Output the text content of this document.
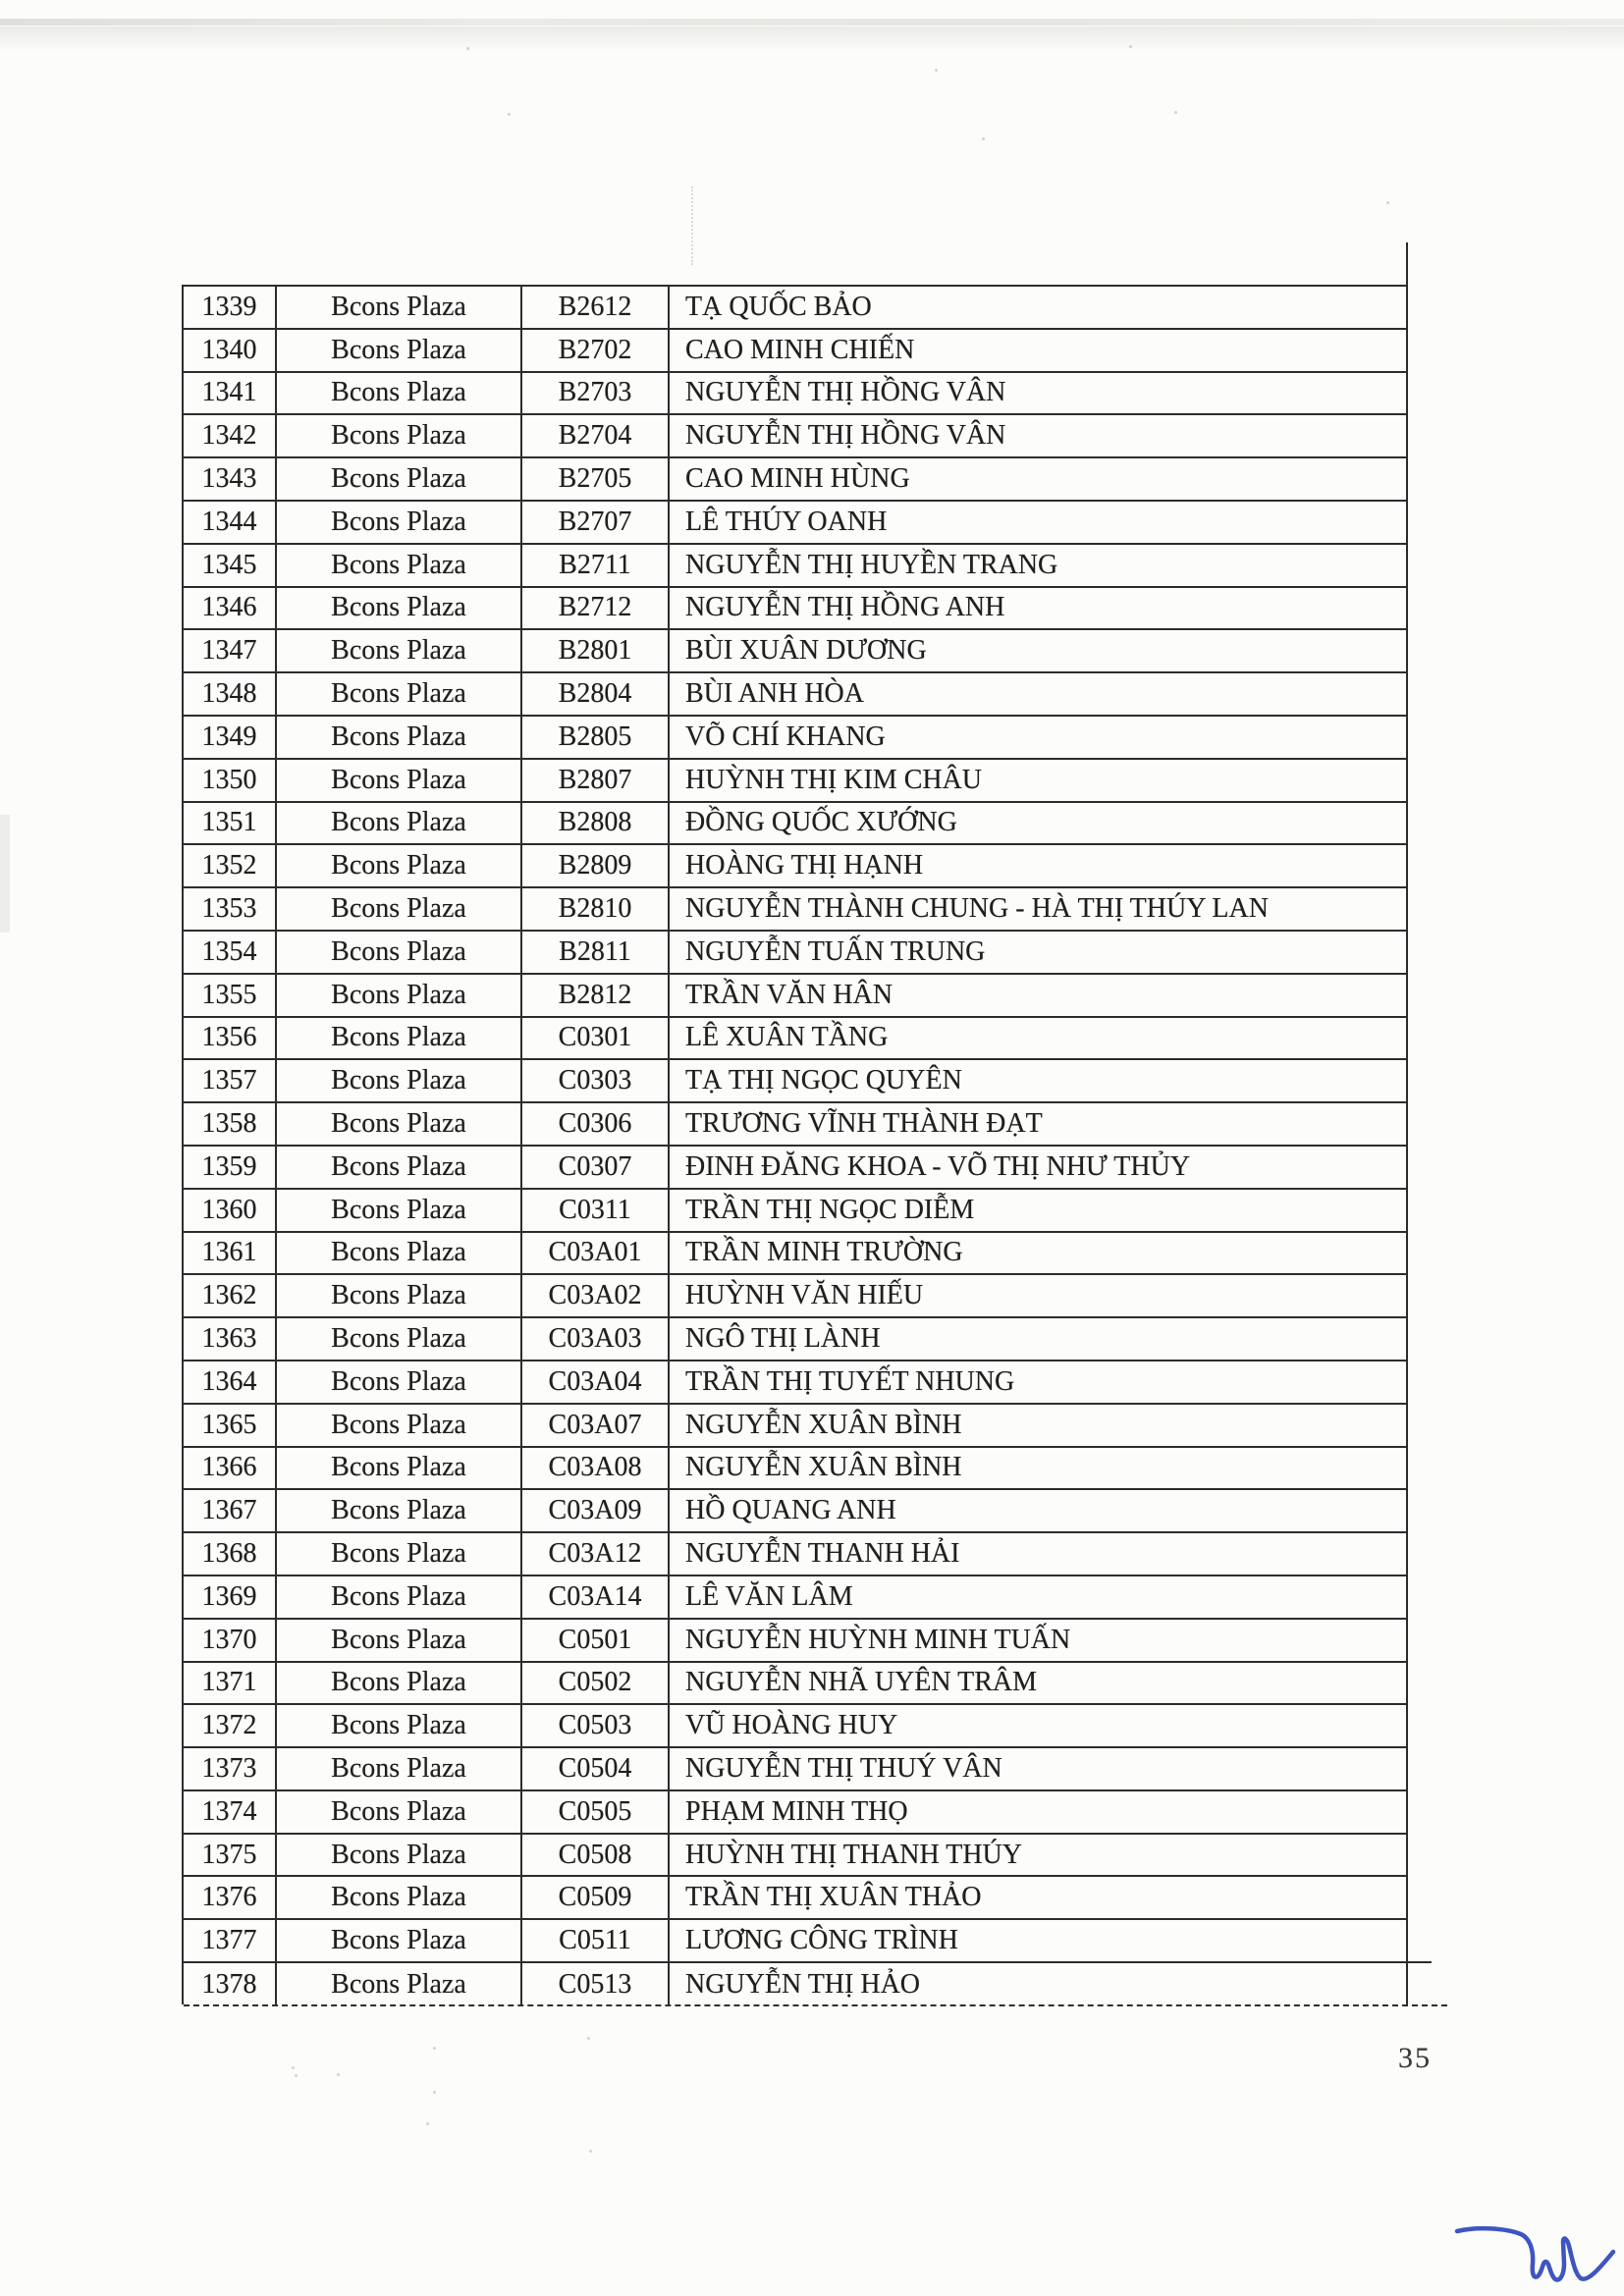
1339	Bcons Plaza	B2612	TẠ QUỐC BẢO
1340	Bcons Plaza	B2702	CAO MINH CHIẾN
1341	Bcons Plaza	B2703	NGUYỄN THỊ HỒNG VÂN
1342	Bcons Plaza	B2704	NGUYỄN THỊ HỒNG VÂN
1343	Bcons Plaza	B2705	CAO MINH HÙNG
1344	Bcons Plaza	B2707	LÊ THÚY OANH
1345	Bcons Plaza	B2711	NGUYỄN THỊ HUYỀN TRANG
1346	Bcons Plaza	B2712	NGUYỄN THỊ HỒNG ANH
1347	Bcons Plaza	B2801	BÙI XUÂN DƯƠNG
1348	Bcons Plaza	B2804	BÙI ANH HÒA
1349	Bcons Plaza	B2805	VÕ CHÍ KHANG
1350	Bcons Plaza	B2807	HUỲNH THỊ KIM CHÂU
1351	Bcons Plaza	B2808	ĐỒNG QUỐC XƯỚNG
1352	Bcons Plaza	B2809	HOÀNG THỊ HẠNH
1353	Bcons Plaza	B2810	NGUYỄN THÀNH CHUNG - HÀ THỊ THÚY LAN
1354	Bcons Plaza	B2811	NGUYỄN TUẤN TRUNG
1355	Bcons Plaza	B2812	TRẦN VĂN HÂN
1356	Bcons Plaza	C0301	LÊ XUÂN TẦNG
1357	Bcons Plaza	C0303	TẠ THỊ NGỌC QUYÊN
1358	Bcons Plaza	C0306	TRƯƠNG VĨNH THÀNH ĐẠT
1359	Bcons Plaza	C0307	ĐINH ĐĂNG KHOA - VÕ THỊ NHƯ THỦY
1360	Bcons Plaza	C0311	TRẦN THỊ NGỌC DIỄM
1361	Bcons Plaza	C03A01	TRẦN MINH TRƯỜNG
1362	Bcons Plaza	C03A02	HUỲNH VĂN HIẾU
1363	Bcons Plaza	C03A03	NGÔ THỊ LÀNH
1364	Bcons Plaza	C03A04	TRẦN THỊ TUYẾT NHUNG
1365	Bcons Plaza	C03A07	NGUYỄN XUÂN BÌNH
1366	Bcons Plaza	C03A08	NGUYỄN XUÂN BÌNH
1367	Bcons Plaza	C03A09	HỒ QUANG ANH
1368	Bcons Plaza	C03A12	NGUYỄN THANH HẢI
1369	Bcons Plaza	C03A14	LÊ VĂN LÂM
1370	Bcons Plaza	C0501	NGUYỄN HUỲNH MINH TUẤN
1371	Bcons Plaza	C0502	NGUYỄN NHÃ UYÊN TRÂM
1372	Bcons Plaza	C0503	VŨ HOÀNG HUY
1373	Bcons Plaza	C0504	NGUYỄN THỊ THUÝ VÂN
1374	Bcons Plaza	C0505	PHẠM MINH THỌ
1375	Bcons Plaza	C0508	HUỲNH THỊ THANH THÚY
1376	Bcons Plaza	C0509	TRẦN THỊ XUÂN THẢO
1377	Bcons Plaza	C0511	LƯƠNG CÔNG TRÌNH
1378	Bcons Plaza	C0513	NGUYỄN THỊ HẢO
35
